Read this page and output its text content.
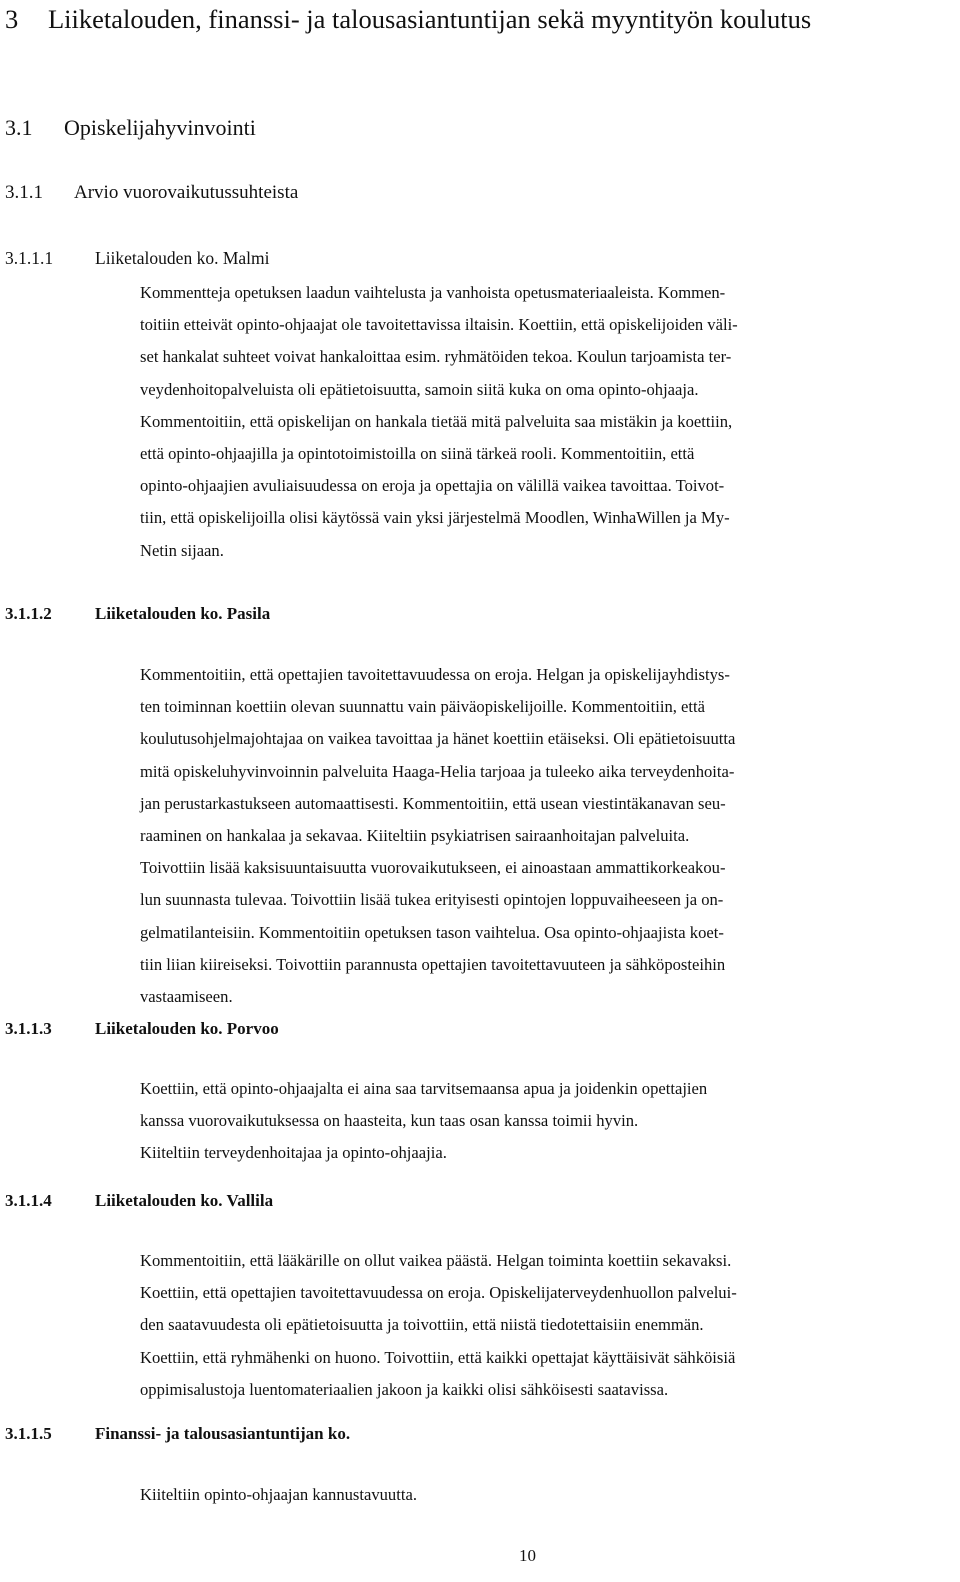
3	Liiketalouden, finanssi- ja talousasiantuntijan sekä myyntityön koulutus
3.1 Opiskelijahyvinvointi
3.1.1 Arvio vuorovaikutussuhteista
3.1.1.1 Liiketalouden ko. Malmi
Kommentteja opetuksen laadun vaihtelusta ja vanhoista opetusmateriaaleista. Kommen-
toitiin etteivät opinto-ohjaajat ole tavoitettavissa iltaisin. Koettiin, että opiskelijoiden väli-
set hankalat suhteet voivat hankaloittaa esim. ryhmätöiden tekoa. Koulun tarjoamista ter-
veydenhoitopalveluista oli epätietoisuutta, samoin siitä kuka on oma opinto-ohjaaja.
Kommentoitiin, että opiskelijan on hankala tietää mitä palveluita saa mistäkin ja koettiin,
että opinto-ohjaajilla ja opintotoimistoilla on siinä tärkeä rooli. Kommentoitiin, että
opinto-ohjaajien avuliaisuudessa on eroja ja opettajia on välillä vaikea tavoittaa. Toivot-
tiin, että opiskelijoilla olisi käytössä vain yksi järjestelmä Moodlen, WinhaWillen ja My-
Netin sijaan.
3.1.1.2	Liiketalouden ko. Pasila
Kommentoitiin, että opettajien tavoitettavuudessa on eroja. Helgan ja opiskelijayhdistys-
ten toiminnan koettiin olevan suunnattu vain päiväopiskelijoille. Kommentoitiin, että
koulutusohjelmajohtajaa on vaikea tavoittaa ja hänet koettiin etäiseksi. Oli epätietoisuutta
mitä opiskeluhyvinvoinnin palveluita Haaga-Helia tarjoaa ja tuleeko aika terveydenhoita-
jan perustarkastukseen automaattisesti. Kommentoitiin, että usean viestintäkanavan seu-
raaminen on hankalaa ja sekavaa. Kiiteltiin psykiatrisen sairaanhoitajan palveluita.
Toivottiin lisää kaksisuuntaisuutta vuorovaikutukseen, ei ainoastaan ammattikorkeakou-
lun suunnasta tulevaa. Toivottiin lisää tukea erityisesti opintojen loppuvaiheeseen ja on-
gelmatilanteisiin. Kommentoitiin opetuksen tason vaihtelua. Osa opinto-ohjaajista koet-
tiin liian kiireiseksi. Toivottiin parannusta opettajien tavoitettavuuteen ja sähköposteihin
vastaamiseen.
3.1.1.3	Liiketalouden ko. Porvoo
Koettiin, että opinto-ohjaajalta ei aina saa tarvitsemaansa apua ja joidenkin opettajien
kanssa vuorovaikutuksessa on haasteita, kun taas osan kanssa toimii hyvin.
Kiiteltiin terveydenhoitajaa ja opinto-ohjaajia.
3.1.1.4	Liiketalouden ko. Vallila
Kommentoitiin, että lääkärille on ollut vaikea päästä. Helgan toiminta koettiin sekavaksi.
Koettiin, että opettajien tavoitettavuudessa on eroja. Opiskelijaterveydenhuollon palvelui-
den saatavuudesta oli epätietoisuutta ja toivottiin, että niistä tiedotettaisiin enemmän.
Koettiin, että ryhmähenki on huono. Toivottiin, että kaikki opettajat käyttäisivät sähköisiä
oppimisalustoja luentomateriaalien jakoon ja kaikki olisi sähköisesti saatavissa.
3.1.1.5	Finanssi- ja talousasiantuntijan ko.
Kiiteltiin opinto-ohjaajan kannustavuutta.
10
